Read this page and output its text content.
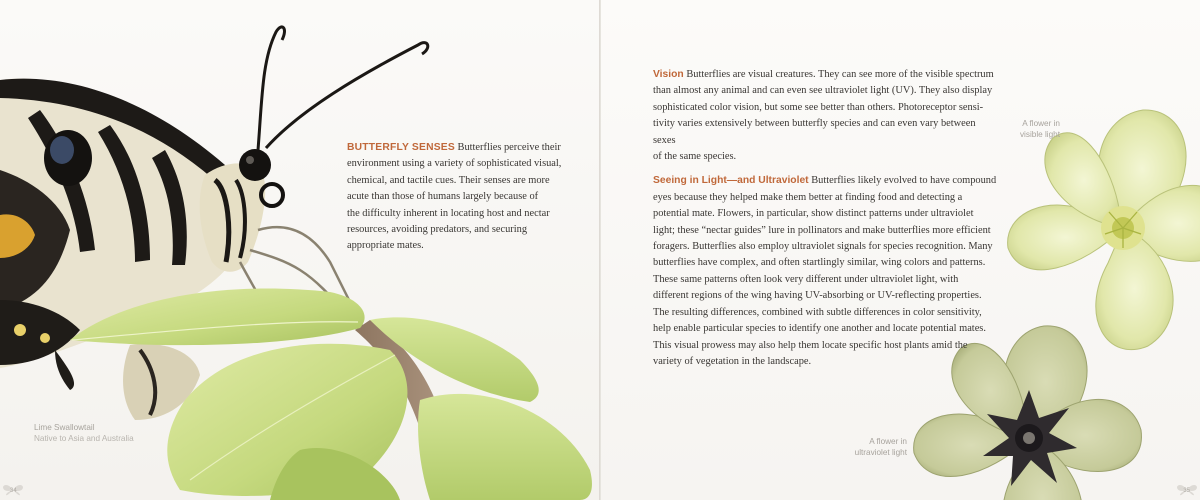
BUTTERFLY SENSES Butterflies perceive their
environment using a variety of sophisticated visual,
chemical, and tactile cues. Their senses are more
acute than those of humans largely because of
the difficulty inherent in locating host and nectar
resources, avoiding predators, and securing
appropriate mates.
Lime Swallowtail
Native to Asia and Australia
34
Vision Butterflies are visual creatures. They can see more of the visible spectrum
than almost any animal and can even see ultraviolet light (UV). They also display
sophisticated color vision, but some see better than others. Photoreceptor sensi-
tivity varies extensively between butterfly species and can even vary between sexes
of the same species.
Seeing in Light—and Ultraviolet Butterflies likely evolved to have compound
eyes because they helped make them better at finding food and detecting a
potential mate. Flowers, in particular, show distinct patterns under ultraviolet
light; these “nectar guides” lure in pollinators and make butterflies more efficient
foragers. Butterflies also employ ultraviolet signals for species recognition. Many
butterflies have complex, and often startlingly similar, wing colors and patterns.
These same patterns often look very different under ultraviolet light, with
different regions of the wing having UV-absorbing or UV-reflecting properties.
The resulting differences, combined with subtle differences in color sensitivity,
help enable particular species to identify one another and locate potential mates.
This visual prowess may also help them locate specific host plants amid the
variety of vegetation in the landscape.
A flower in
visible light
A flower in
ultraviolet light
35
